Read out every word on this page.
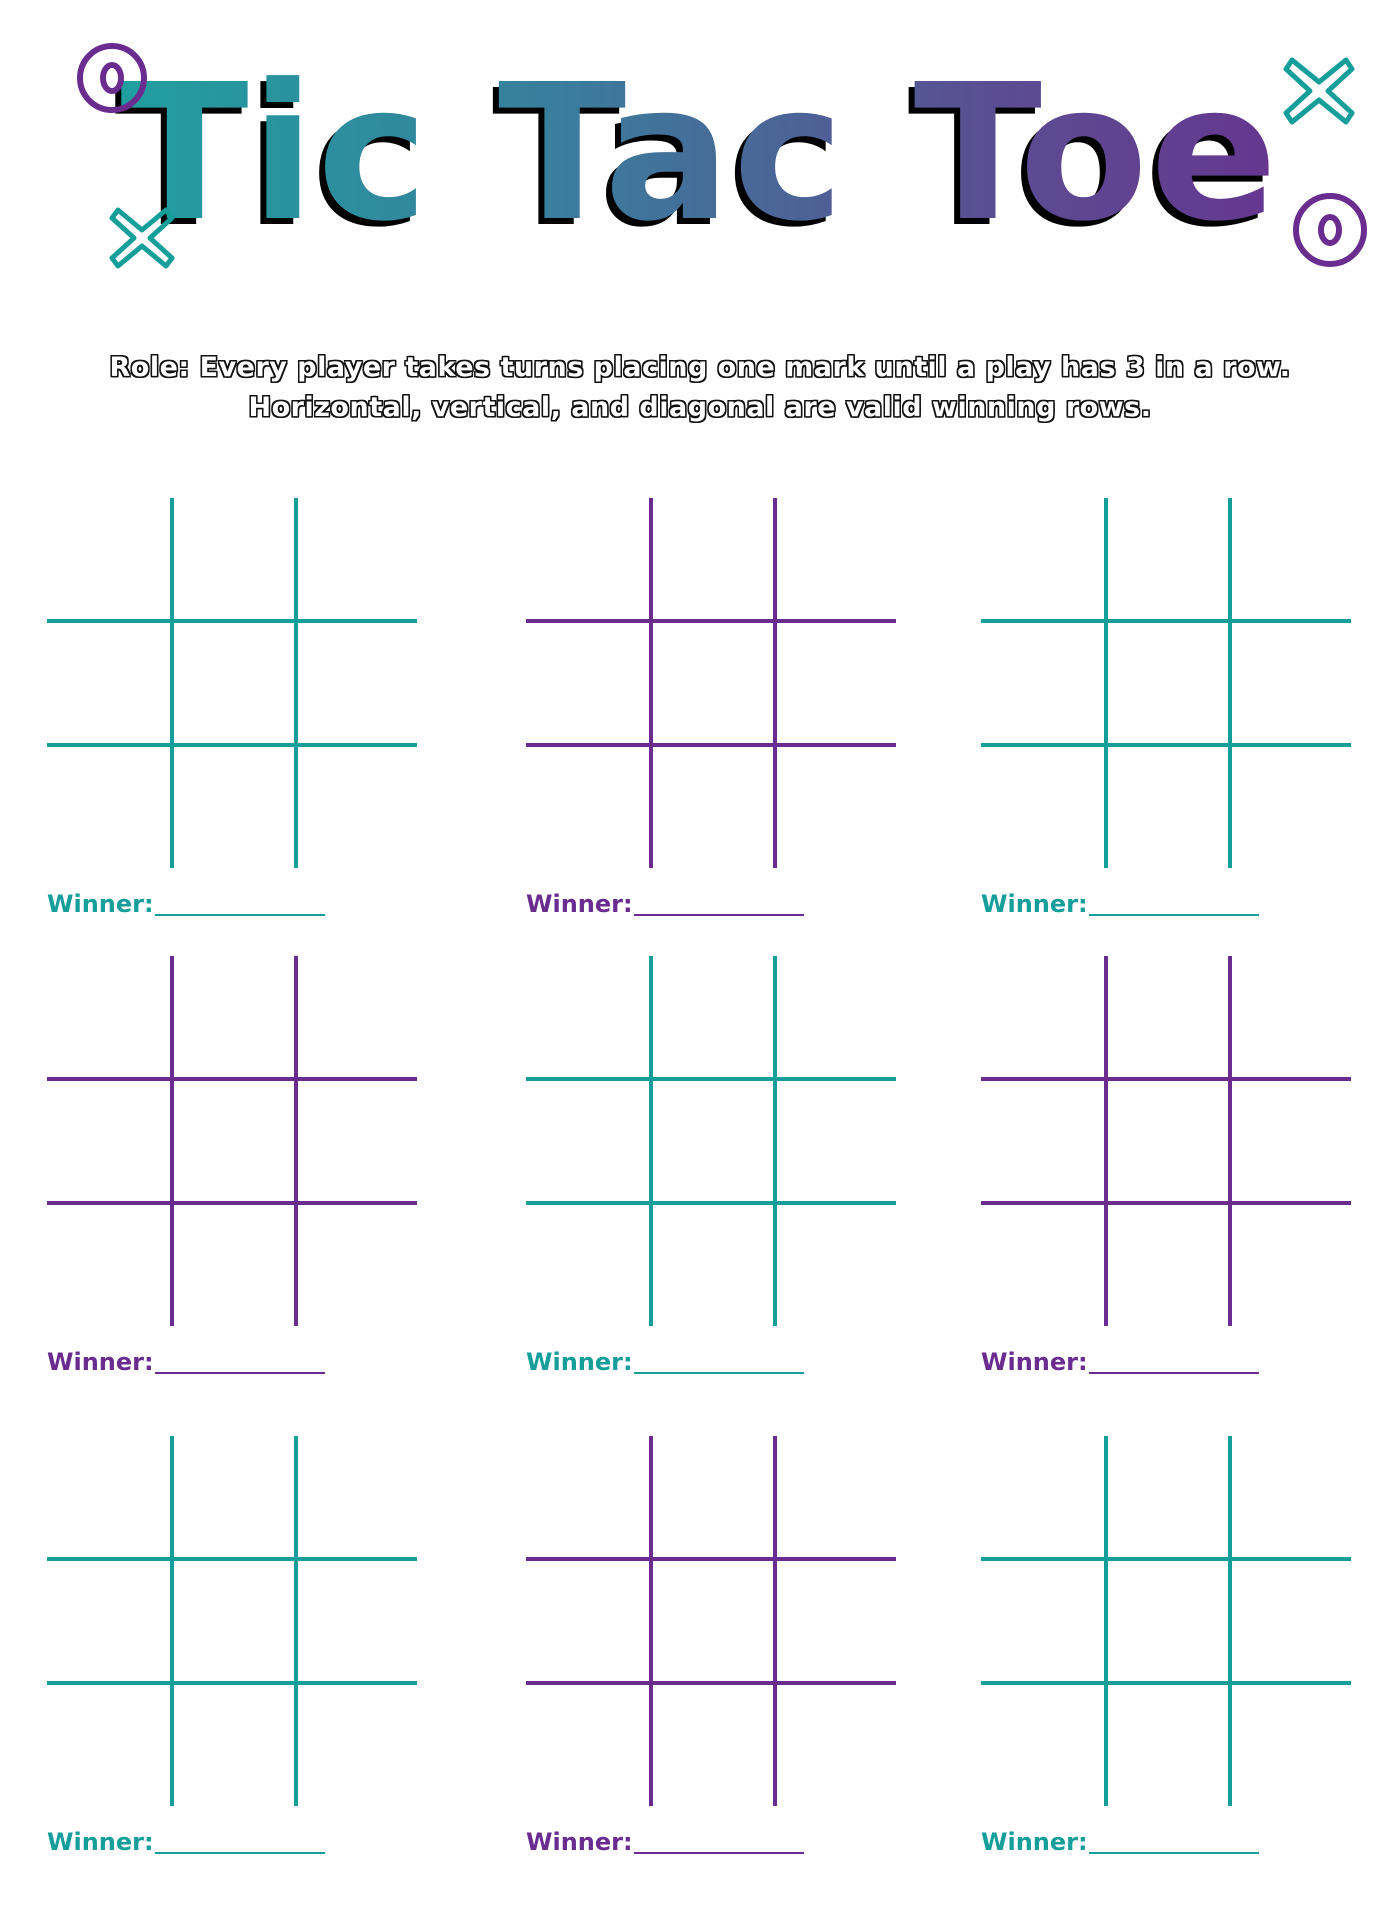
Tic Tac Toe
Role: Every player takes turns placing one mark until a play has 3 in a row.
Horizontal, vertical, and diagonal are valid winning rows.
Winner:	Winner:	Winner:
Winner:	Winner:	Winner:
Winner:	Winner:	Winner:
